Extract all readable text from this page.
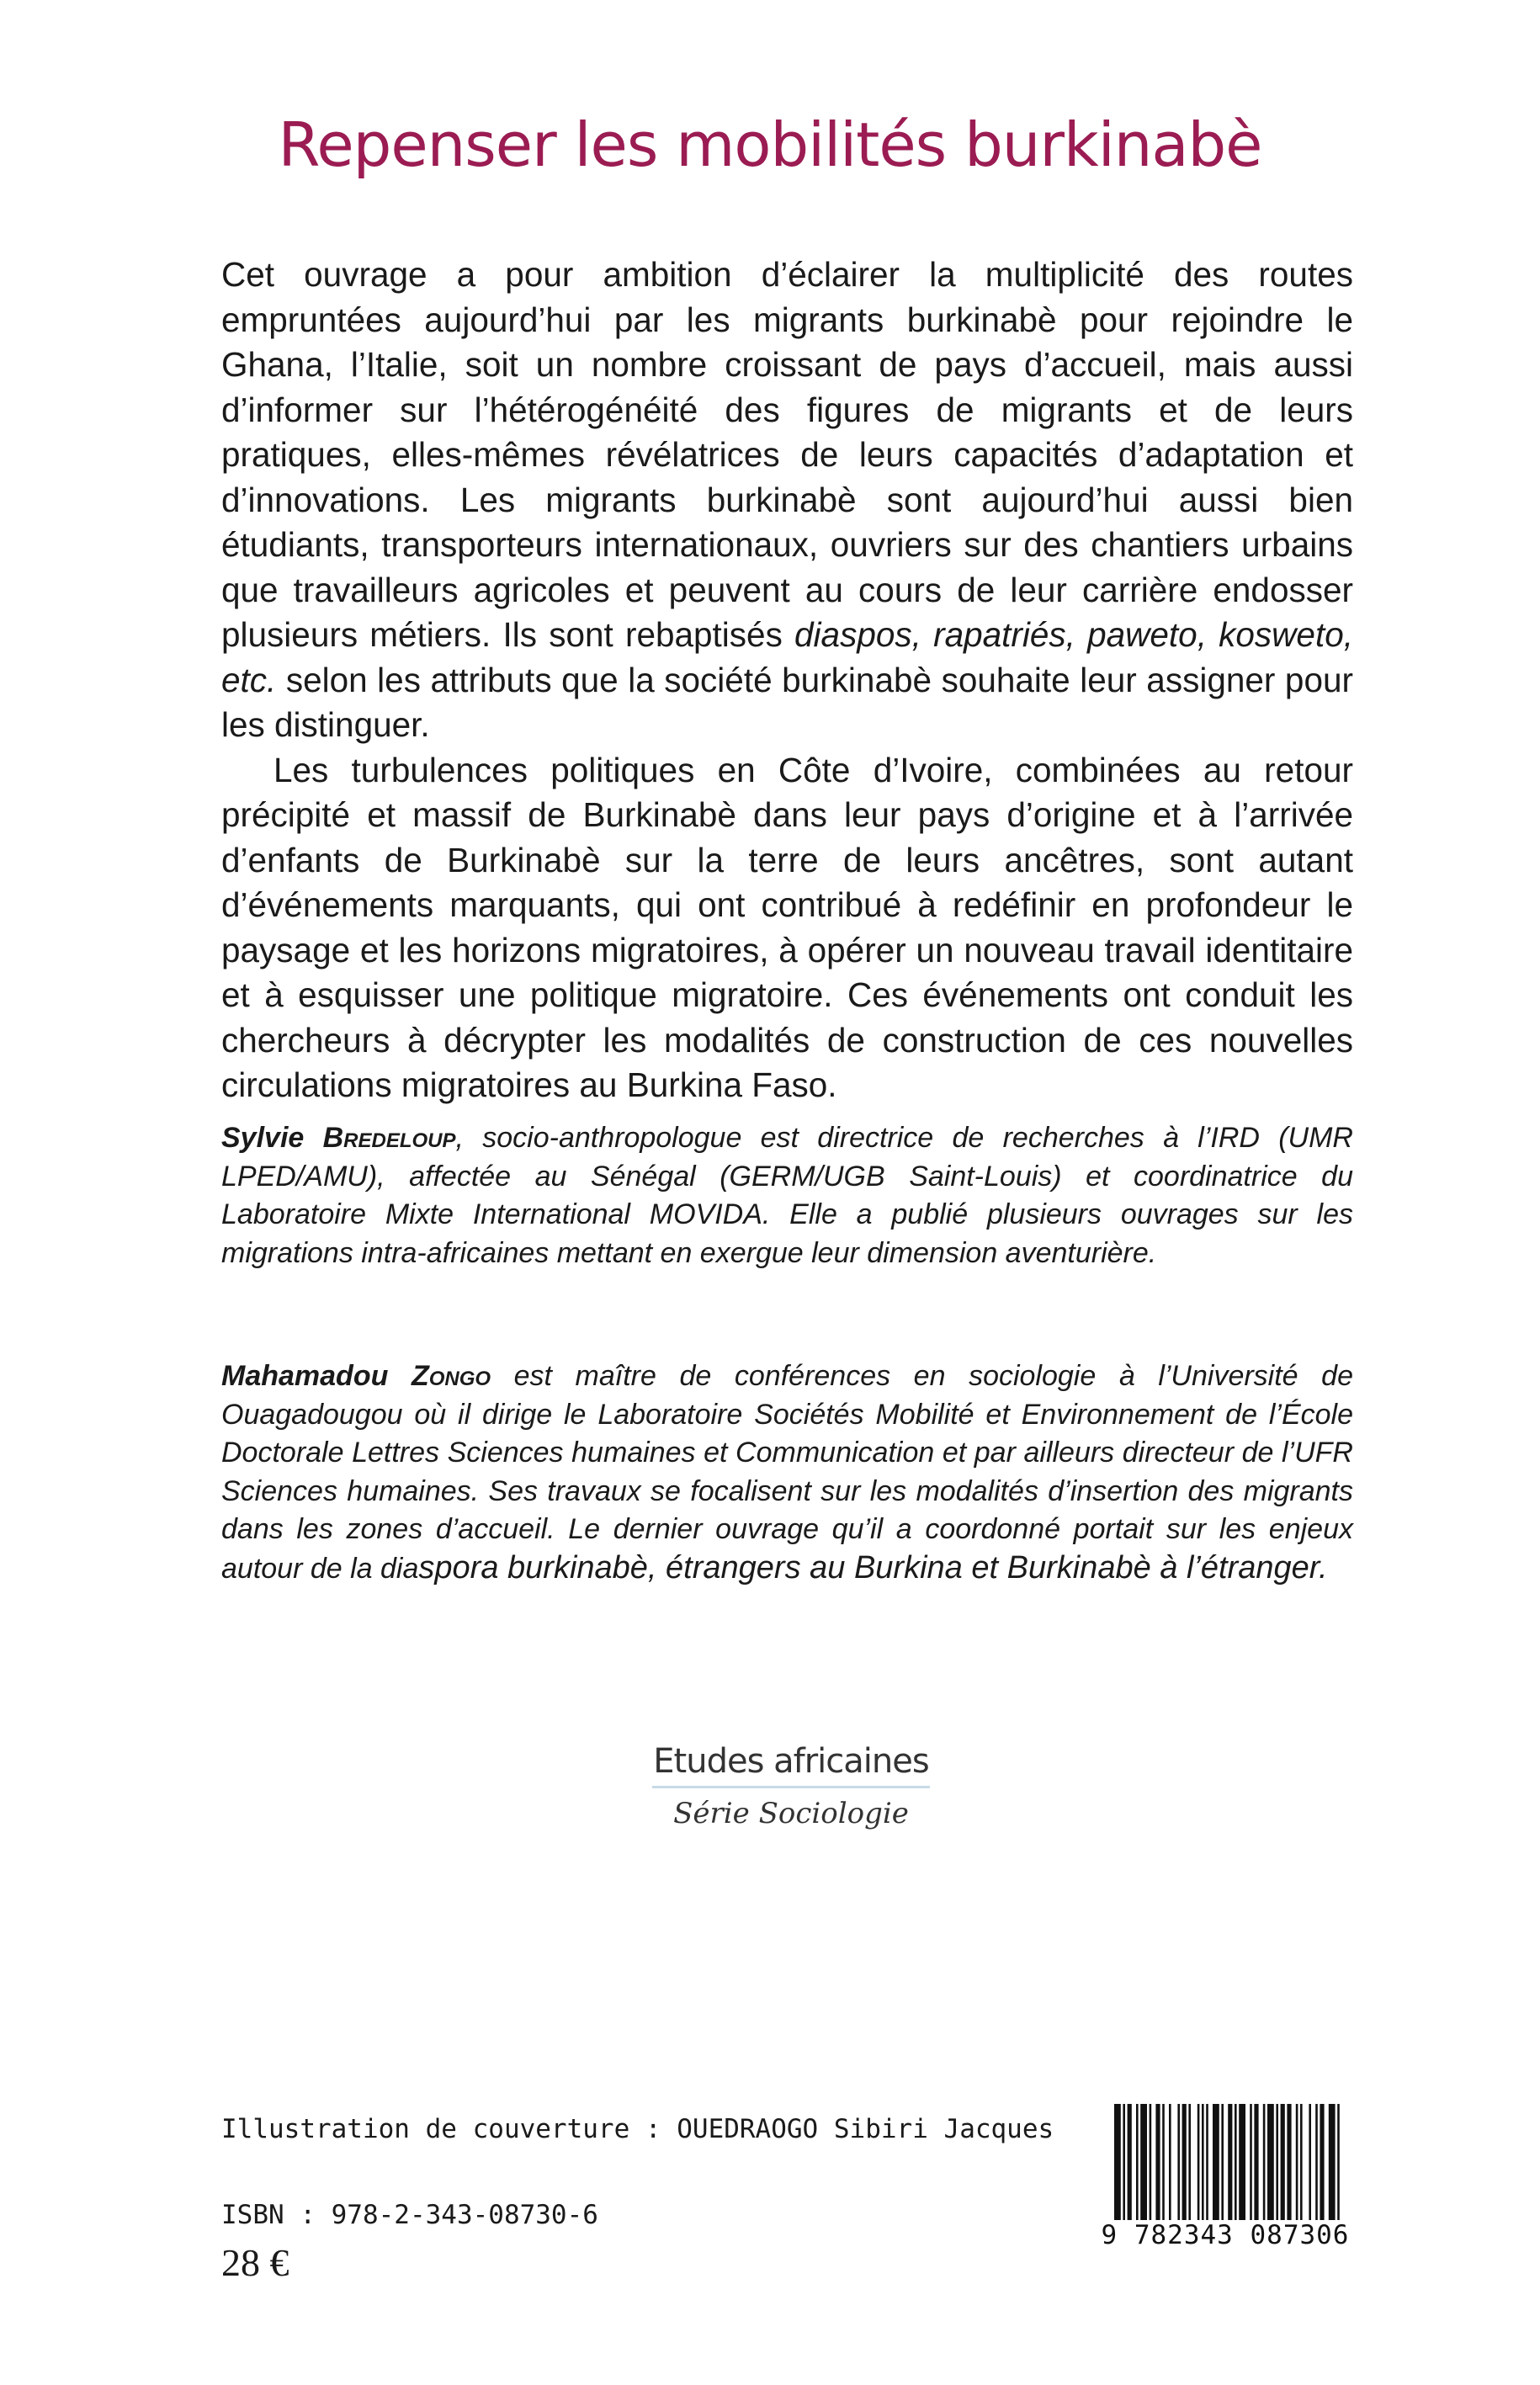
Repenser les mobilités burkinabè

Cet ouvrage a pour ambition d’éclairer la multiplicité des routes empruntées aujourd’hui par les migrants burkinabè pour rejoindre le Ghana, l’Italie, soit un nombre croissant de pays d’accueil, mais aussi d’informer sur l’hétérogénéité des figures de migrants et de leurs pratiques, elles-mêmes révélatrices de leurs capacités d’adaptation et d’innovations. Les migrants burkinabè sont aujourd’hui aussi bien étudiants, transporteurs internationaux, ouvriers sur des chantiers urbains que travailleurs agricoles et peuvent au cours de leur carrière endosser plusieurs métiers. Ils sont rebaptisés diaspos, rapatriés, paweto, kosweto, etc. selon les attributs que la société burkinabè souhaite leur assigner pour les distinguer.

Les turbulences politiques en Côte d’Ivoire, combinées au retour précipité et massif de Burkinabè dans leur pays d’origine et à l’arrivée d’enfants de Burkinabè sur la terre de leurs ancêtres, sont autant d’événements marquants, qui ont contribué à redéfinir en profondeur le paysage et les horizons migratoires, à opérer un nouveau travail identitaire et à esquisser une politique migratoire. Ces événements ont conduit les chercheurs à décrypter les modalités de construction de ces nouvelles circulations migratoires au Burkina Faso.

Sylvie Bredeloup, socio-anthropologue est directrice de recherches à l’IRD (UMR LPED/AMU), affectée au Sénégal (GERM/UGB Saint-Louis) et coordinatrice du Laboratoire Mixte International MOVIDA. Elle a publié plusieurs ouvrages sur les migrations intra-africaines mettant en exergue leur dimension aventurière.

Mahamadou Zongo est maître de conférences en sociologie à l’Université de Ouagadougou où il dirige le Laboratoire Sociétés Mobilité et Environnement de l’École Doctorale Lettres Sciences humaines et Communication et par ailleurs directeur de l’UFR Sciences humaines. Ses travaux se focalisent sur les modalités d’insertion des migrants dans les zones d’accueil. Le dernier ouvrage qu’il a coordonné portait sur les enjeux autour de la diaspora burkinabè, étrangers au Burkina et Burkinabè à l’étranger.

Etudes africaines
Série Sociologie
Illustration de couverture : OUEDRAOGO Sibiri Jacques
ISBN : 978-2-343-08730-6
28 €
9 782343 087306
